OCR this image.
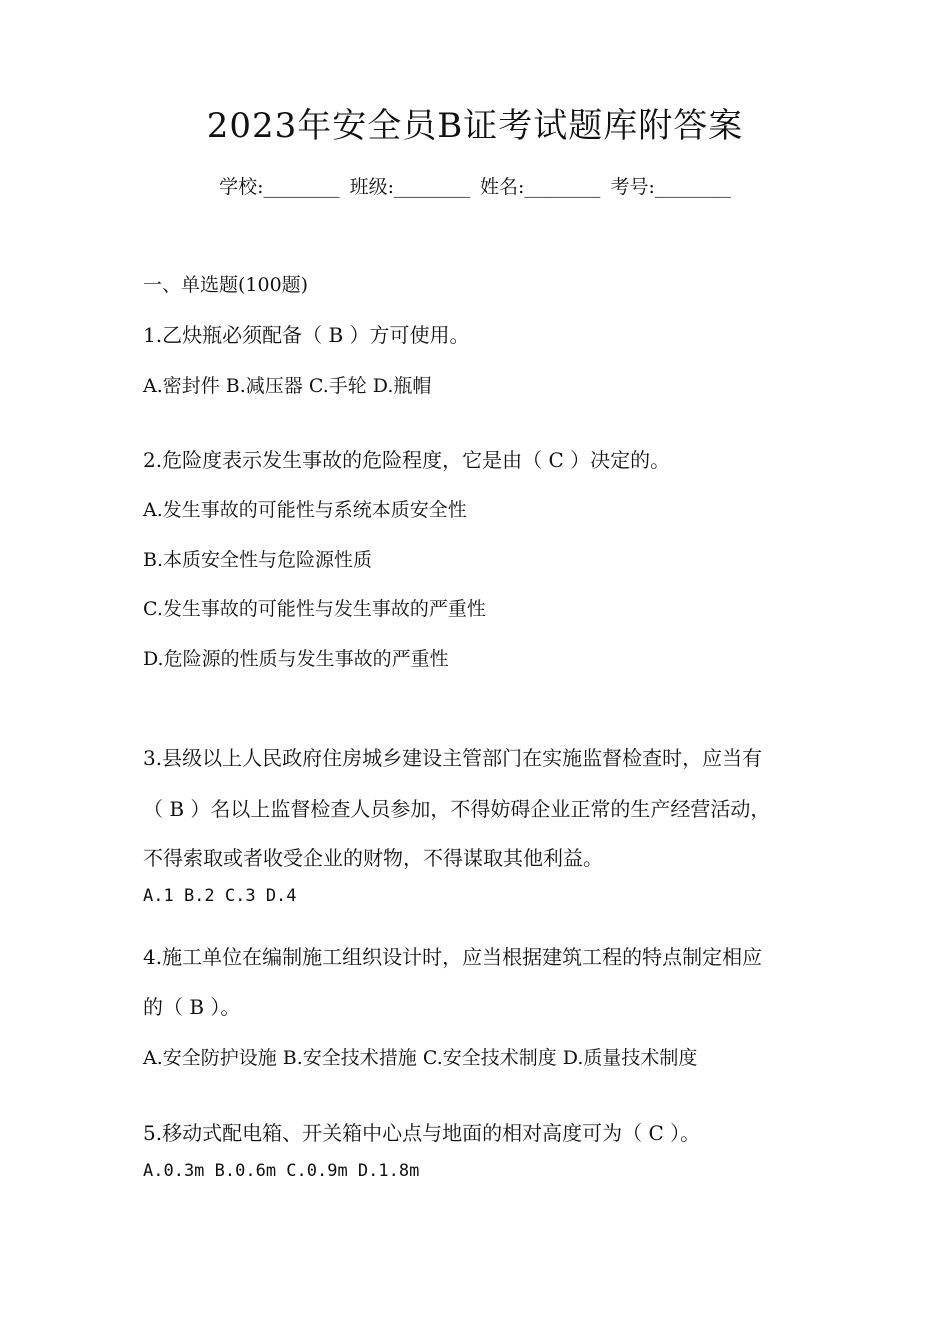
2023年安全员B证考试题库附答案
学校:________ 班级:________ 姓名:________ 考号:________
一、单选题(100题)
1.乙炔瓶必须配备（ B ）方可使用。
A.密封件 B.减压器 C.手轮 D.瓶帽
2.危险度表示发生事故的危险程度，它是由（ C ）决定的。
A.发生事故的可能性与系统本质安全性
B.本质安全性与危险源性质
C.发生事故的可能性与发生事故的严重性
D.危险源的性质与发生事故的严重性
3.县级以上人民政府住房城乡建设主管部门在实施监督检查时，应当有
（ B ）名以上监督检查人员参加，不得妨碍企业正常的生产经营活动，
不得索取或者收受企业的财物，不得谋取其他利益。
A.1 B.2 C.3 D.4
4.施工单位在编制施工组织设计时，应当根据建筑工程的特点制定相应
的（ B ）。
A.安全防护设施 B.安全技术措施 C.安全技术制度 D.质量技术制度
5.移动式配电箱、开关箱中心点与地面的相对高度可为（ C ）。
A.0.3m B.0.6m C.0.9m D.1.8m
